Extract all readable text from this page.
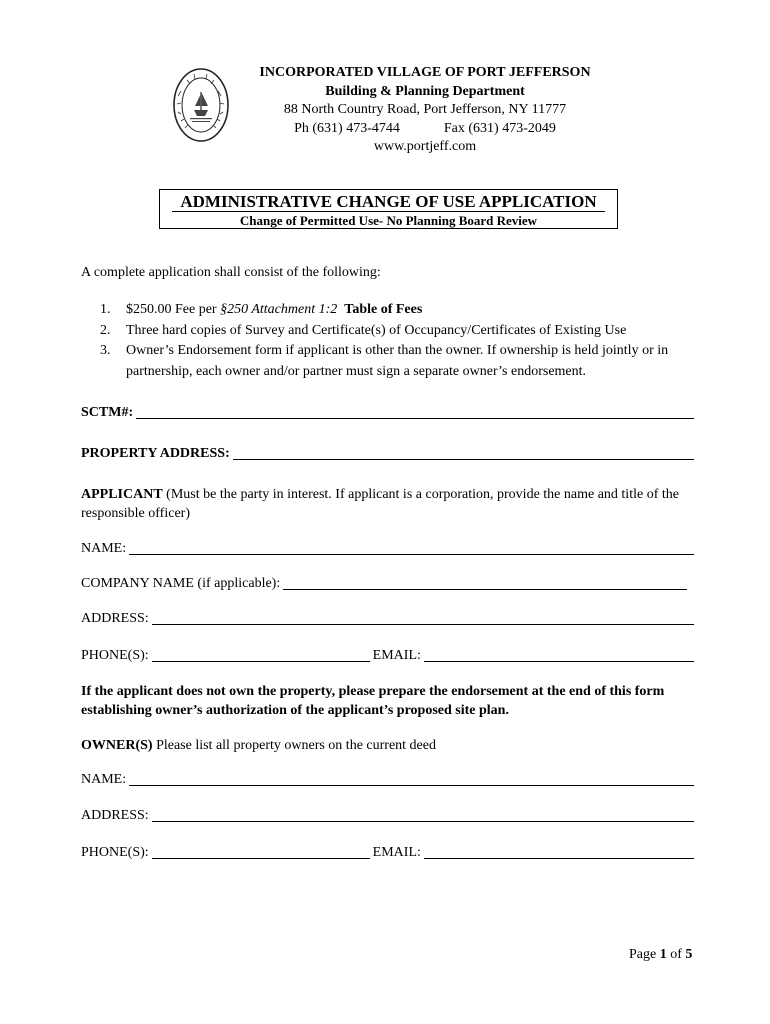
INCORPORATED VILLAGE OF PORT JEFFERSON
Building & Planning Department
88 North Country Road, Port Jefferson, NY 11777
Ph (631) 473-4744	Fax (631) 473-2049
www.portjeff.com
ADMINISTRATIVE CHANGE OF USE APPLICATION
Change of Permitted Use- No Planning Board Review
A complete application shall consist of the following:
1. $250.00 Fee per §250 Attachment 1:2 Table of Fees
2. Three hard copies of Survey and Certificate(s) of Occupancy/Certificates of Existing Use
3. Owner’s Endorsement form if applicant is other than the owner. If ownership is held jointly or in partnership, each owner and/or partner must sign a separate owner’s endorsement.
SCTM#:
PROPERTY ADDRESS:
APPLICANT (Must be the party in interest. If applicant is a corporation, provide the name and title of the responsible officer)
NAME:
COMPANY NAME (if applicable):
ADDRESS:
PHONE(S):	EMAIL:
If the applicant does not own the property, please prepare the endorsement at the end of this form establishing owner’s authorization of the applicant’s proposed site plan.
OWNER(S) Please list all property owners on the current deed
NAME:
ADDRESS:
PHONE(S):	EMAIL:
Page 1 of 5
